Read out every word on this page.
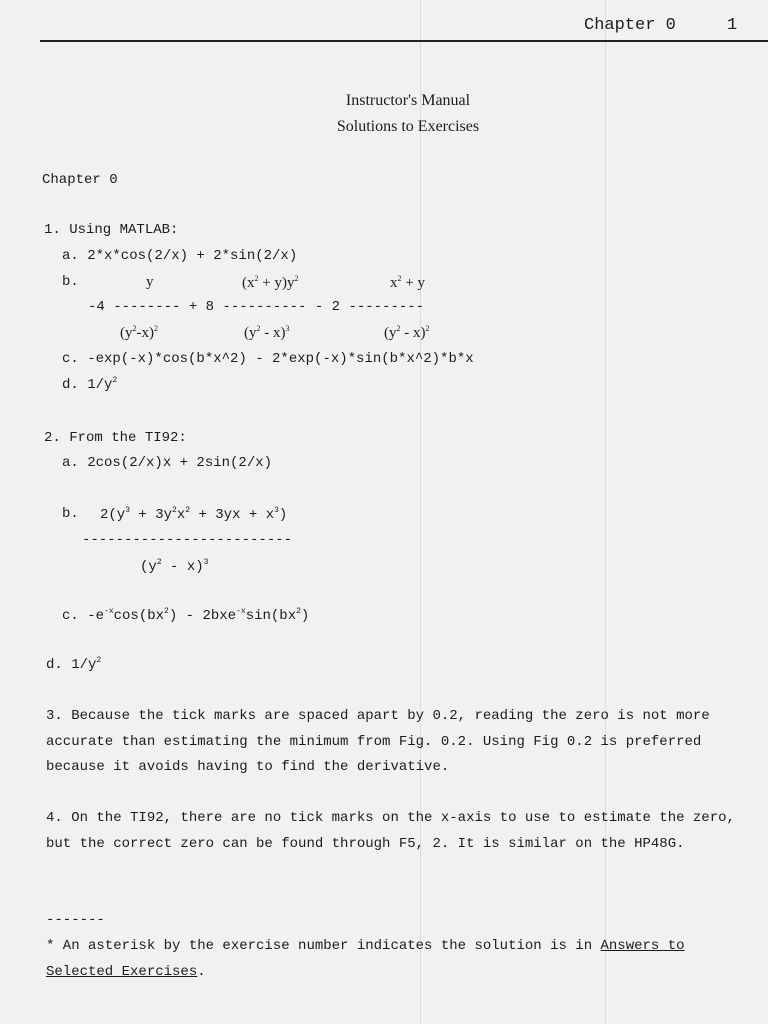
Chapter 0	1
Instructor's Manual
Solutions to Exercises
Chapter 0
1. Using MATLAB:
a. 2*x*cos(2/x) + 2*sin(2/x)
b.	y	$(x^2 + y)y^2$	$x^2 + y$
-4 -------- + 8 ---------- - 2 ---------
$(y^2-x)^2$	$(y^2 - x)^3$	$(y^2 - x)^2$
c. -exp(-x)*cos(b*x^2) - 2*exp(-x)*sin(b*x^2)*b*x
d. $1/y^2$
2. From the TI92:
a. 2cos(2/x)x + 2sin(2/x)
b. $2(y^3 + 3y^2x^2 + 3yx + x^3)$
-------------------------
$(y^2 - x)^3$
c. $-e^{-x}\cos(bx^2) - 2bxe^{-x}\sin(bx^2)$
d. $1/y^2$
3. Because the tick marks are spaced apart by 0.2, reading the zero is not more accurate than estimating the minimum from Fig. 0.2. Using Fig 0.2 is preferred because it avoids having to find the derivative.
4. On the TI92, there are no tick marks on the x-axis to use to estimate the zero, but the correct zero can be found through F5, 2. It is similar on the HP48G.
-------
* An asterisk by the exercise number indicates the solution is in Answers to Selected Exercises.
